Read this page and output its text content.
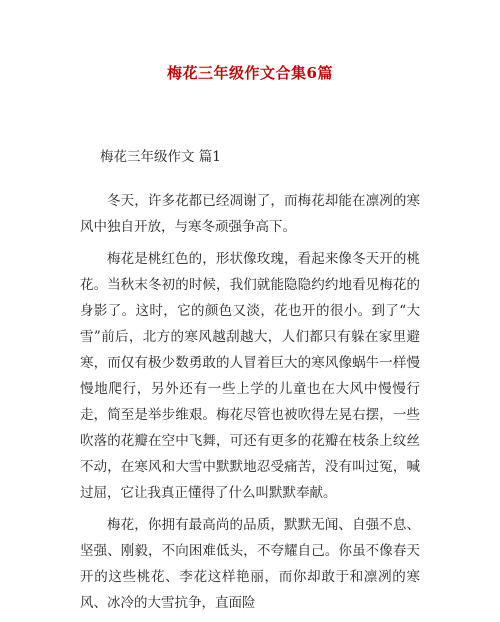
梅花三年级作文合集6篇
梅花三年级作文 篇1

冬天，许多花都已经凋谢了，而梅花却能在凛冽的寒风中独自开放，与寒冬顽强争高下。

梅花是桃红色的，形状像玫瑰，看起来像冬天开的桃花。当秋末冬初的时候，我们就能隐隐约约地看见梅花的身影了。这时，它的颜色又淡，花也开的很小。到了“大雪”前后，北方的寒风越刮越大，人们都只有躲在家里避寒，而仅有极少数勇敢的人冒着巨大的寒风像蜗牛一样慢慢地爬行，另外还有一些上学的儿童也在大风中慢慢行走，简至是举步维艰。梅花尽管也被吹得左晃右摆，一些吹落的花瓣在空中飞舞，可还有更多的花瓣在枝条上纹丝不动，在寒风和大雪中默默地忍受痛苦，没有叫过冤，喊过屈，它让我真正懂得了什么叫默默奉献。

梅花，你拥有最高尚的品质，默默无闻、自强不息、坚强、刚毅，不向困难低头，不夸耀自己。你虽不像春天开的这些桃花、李花这样艳丽，而你却敢于和凛冽的寒风、冰冷的大雪抗争，直面险
